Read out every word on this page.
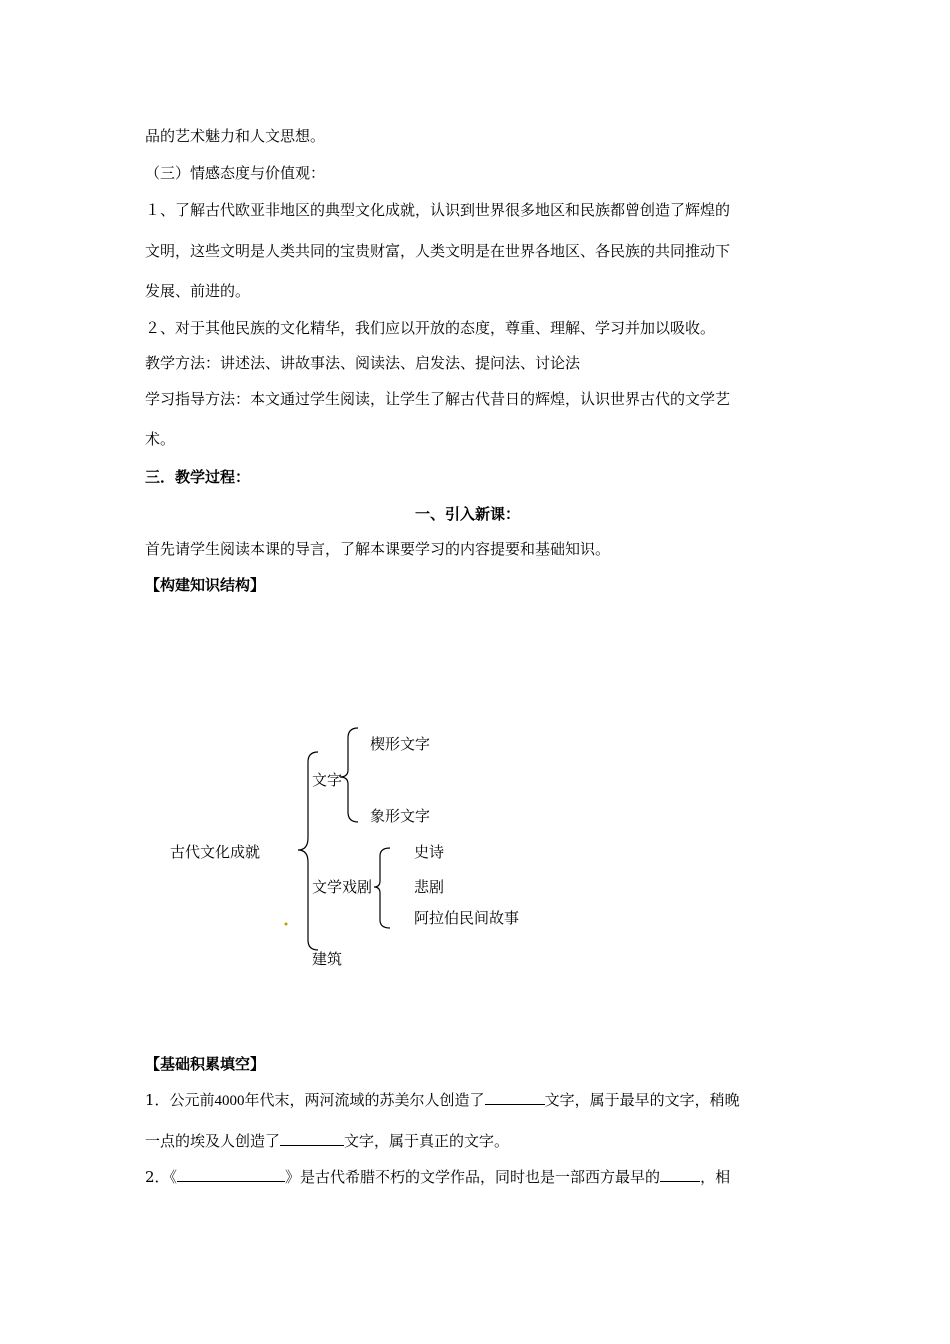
品的艺术魅力和人文思想。
（三）情感态度与价值观：
１、了解古代欧亚非地区的典型文化成就，认识到世界很多地区和民族都曾创造了辉煌的
文明，这些文明是人类共同的宝贵财富，人类文明是在世界各地区、各民族的共同推动下
发展、前进的。
２、对于其他民族的文化精华，我们应以开放的态度，尊重、理解、学习并加以吸收。
教学方法：讲述法、讲故事法、阅读法、启发法、提问法、讨论法
学习指导方法：本文通过学生阅读，让学生了解古代昔日的辉煌，认识世界古代的文学艺
术。
三．教学过程：
一、引入新课：
首先请学生阅读本课的导言，了解本课要学习的内容提要和基础知识。
【构建知识结构】
古代文化成就
文字
楔形文字
象形文字
文学戏剧
史诗
悲剧
阿拉伯民间故事
建筑
【基础积累填空】
1．公元前4000年代末，两河流域的苏美尔人创造了	文字，属于最早的文字，稍晚
一点的埃及人创造了	文字，属于真正的文字。
2．《	》是古代希腊不朽的文学作品，同时也是一部西方最早的	，相
